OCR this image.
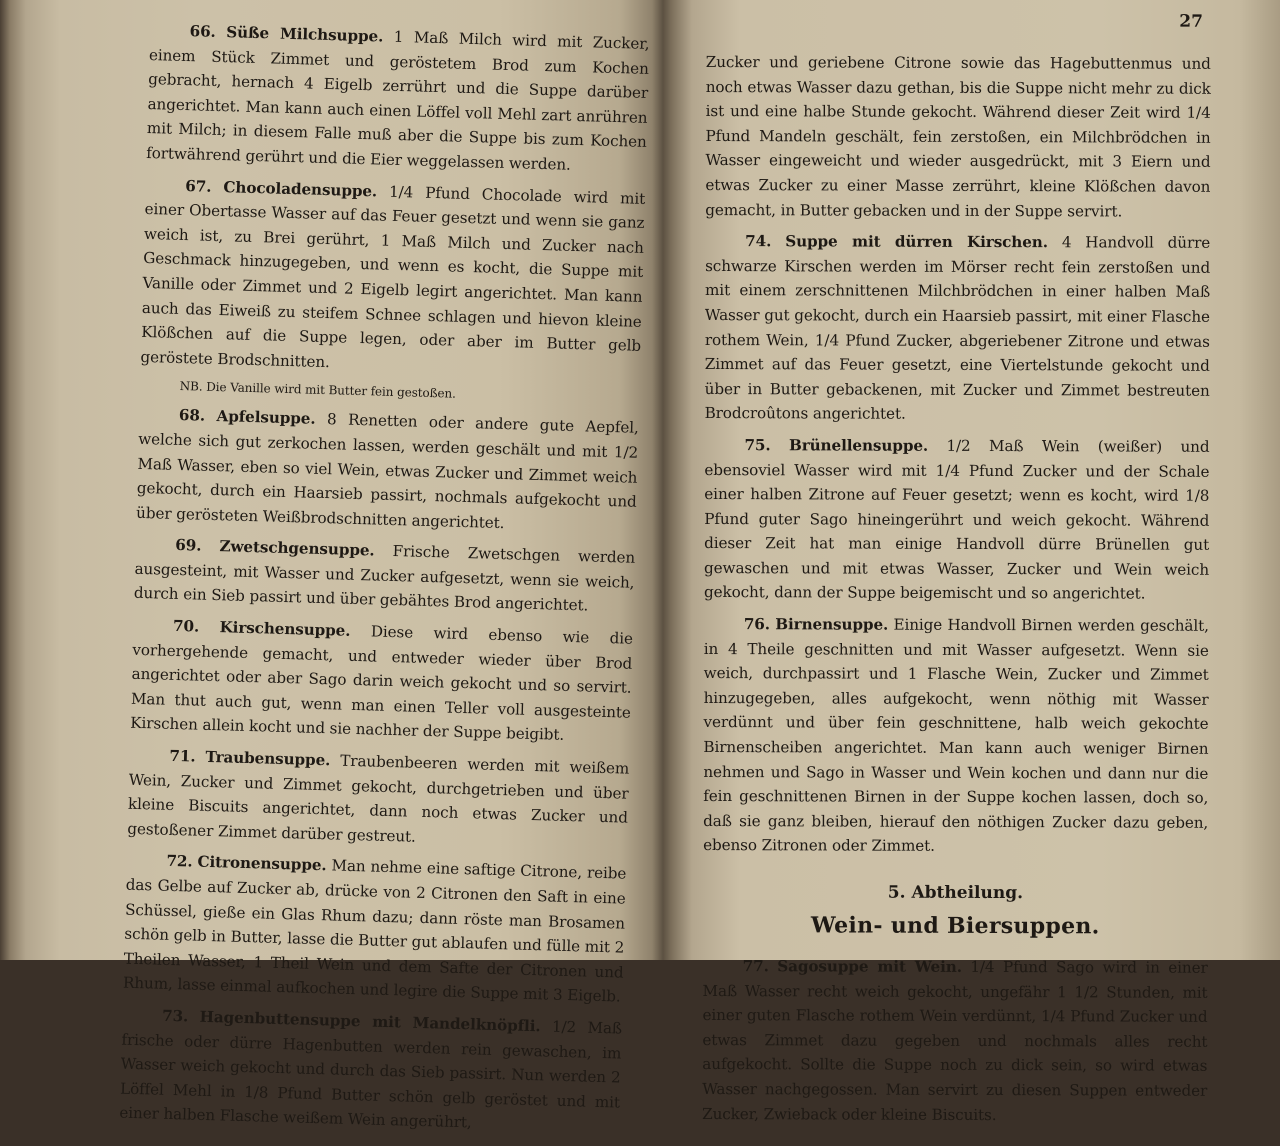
66. Süße Milchsuppe. 1 Maß Milch wird mit Zucker, einem Stück Zimmet und geröstetem Brod zum Kochen gebracht, hernach 4 Eigelb zerrührt und die Suppe darüber angerichtet. Man kann auch einen Löffel voll Mehl zart anrühren mit Milch; in diesem Falle muß aber die Suppe bis zum Kochen fortwährend gerührt und die Eier weggelassen werden.

67. Chocoladensuppe. 1/4 Pfund Chocolade wird mit einer Obertasse Wasser auf das Feuer gesetzt und wenn sie ganz weich ist, zu Brei gerührt, 1 Maß Milch und Zucker nach Geschmack hinzugegeben, und wenn es kocht, die Suppe mit Vanille oder Zimmet und 2 Eigelb legirt angerichtet. Man kann auch das Eiweiß zu steifem Schnee schlagen und hievon kleine Klößchen auf die Suppe legen, oder aber im Butter gelb geröstete Brodschnitten.

NB. Die Vanille wird mit Butter fein gestoßen.

68. Apfelsuppe. 8 Renetten oder andere gute Aepfel, welche sich gut zerkochen lassen, werden geschält und mit 1/2 Maß Wasser, eben so viel Wein, etwas Zucker und Zimmet weich gekocht, durch ein Haarsieb passirt, nochmals aufgekocht und über gerösteten Weißbrodschnitten angerichtet.

69. Zwetschgensuppe. Frische Zwetschgen werden ausgesteint, mit Wasser und Zucker aufgesetzt, wenn sie weich, durch ein Sieb passirt und über gebähtes Brod angerichtet.

70. Kirschensuppe. Diese wird ebenso wie die vorhergehende gemacht, und entweder wieder über Brod angerichtet oder aber Sago darin weich gekocht und so servirt. Man thut auch gut, wenn man einen Teller voll ausgesteinte Kirschen allein kocht und sie nachher der Suppe beigibt.

71. Traubensuppe. Traubenbeeren werden mit weißem Wein, Zucker und Zimmet gekocht, durchgetrieben und über kleine Biscuits angerichtet, dann noch etwas Zucker und gestoßener Zimmet darüber gestreut.

72. Citronensuppe. Man nehme eine saftige Citrone, reibe das Gelbe auf Zucker ab, drücke von 2 Citronen den Saft in eine Schüssel, gieße ein Glas Rhum dazu; dann röste man Brosamen schön gelb in Butter, lasse die Butter gut ablaufen und fülle mit 2 Theilen Wasser, 1 Theil Wein und dem Safte der Citronen und Rhum, lasse einmal aufkochen und legire die Suppe mit 3 Eigelb.

73. Hagenbuttensuppe mit Mandelknöpfli. 1/2 Maß frische oder dürre Hagenbutten werden rein gewaschen, im Wasser weich gekocht und durch das Sieb passirt. Nun werden 2 Löffel Mehl in 1/8 Pfund Butter schön gelb geröstet und mit einer halben Flasche weißem Wein angerührt,

27

Zucker und geriebene Citrone sowie das Hagebuttenmus und noch etwas Wasser dazu gethan, bis die Suppe nicht mehr zu dick ist und eine halbe Stunde gekocht. Während dieser Zeit wird 1/4 Pfund Mandeln geschält, fein zerstoßen, ein Milchbrödchen in Wasser eingeweicht und wieder ausgedrückt, mit 3 Eiern und etwas Zucker zu einer Masse zerrührt, kleine Klößchen davon gemacht, in Butter gebacken und in der Suppe servirt.

74. Suppe mit dürren Kirschen. 4 Handvoll dürre schwarze Kirschen werden im Mörser recht fein zerstoßen und mit einem zerschnittenen Milchbrödchen in einer halben Maß Wasser gut gekocht, durch ein Haarsieb passirt, mit einer Flasche rothem Wein, 1/4 Pfund Zucker, abgeriebener Zitrone und etwas Zimmet auf das Feuer gesetzt, eine Viertelstunde gekocht und über in Butter gebackenen, mit Zucker und Zimmet bestreuten Brodcroûtons angerichtet.

75. Brünellensuppe. 1/2 Maß Wein (weißer) und ebensoviel Wasser wird mit 1/4 Pfund Zucker und der Schale einer halben Zitrone auf Feuer gesetzt; wenn es kocht, wird 1/8 Pfund guter Sago hineingerührt und weich gekocht. Während dieser Zeit hat man einige Handvoll dürre Brünellen gut gewaschen und mit etwas Wasser, Zucker und Wein weich gekocht, dann der Suppe beigemischt und so angerichtet.

76. Birnensuppe. Einige Handvoll Birnen werden geschält, in 4 Theile geschnitten und mit Wasser aufgesetzt. Wenn sie weich, durchpassirt und 1 Flasche Wein, Zucker und Zimmet hinzugegeben, alles aufgekocht, wenn nöthig mit Wasser verdünnt und über fein geschnittene, halb weich gekochte Birnenscheiben angerichtet. Man kann auch weniger Birnen nehmen und Sago in Wasser und Wein kochen und dann nur die fein geschnittenen Birnen in der Suppe kochen lassen, doch so, daß sie ganz bleiben, hierauf den nöthigen Zucker dazu geben, ebenso Zitronen oder Zimmet.

5. Abtheilung.
Wein- und Biersuppen.

77. Sagosuppe mit Wein. 1/4 Pfund Sago wird in einer Maß Wasser recht weich gekocht, ungefähr 1 1/2 Stunden, mit einer guten Flasche rothem Wein verdünnt, 1/4 Pfund Zucker und etwas Zimmet dazu gegeben und nochmals alles recht aufgekocht. Sollte die Suppe noch zu dick sein, so wird etwas Wasser nachgegossen. Man servirt zu diesen Suppen entweder Zucker, Zwieback oder kleine Biscuits.
